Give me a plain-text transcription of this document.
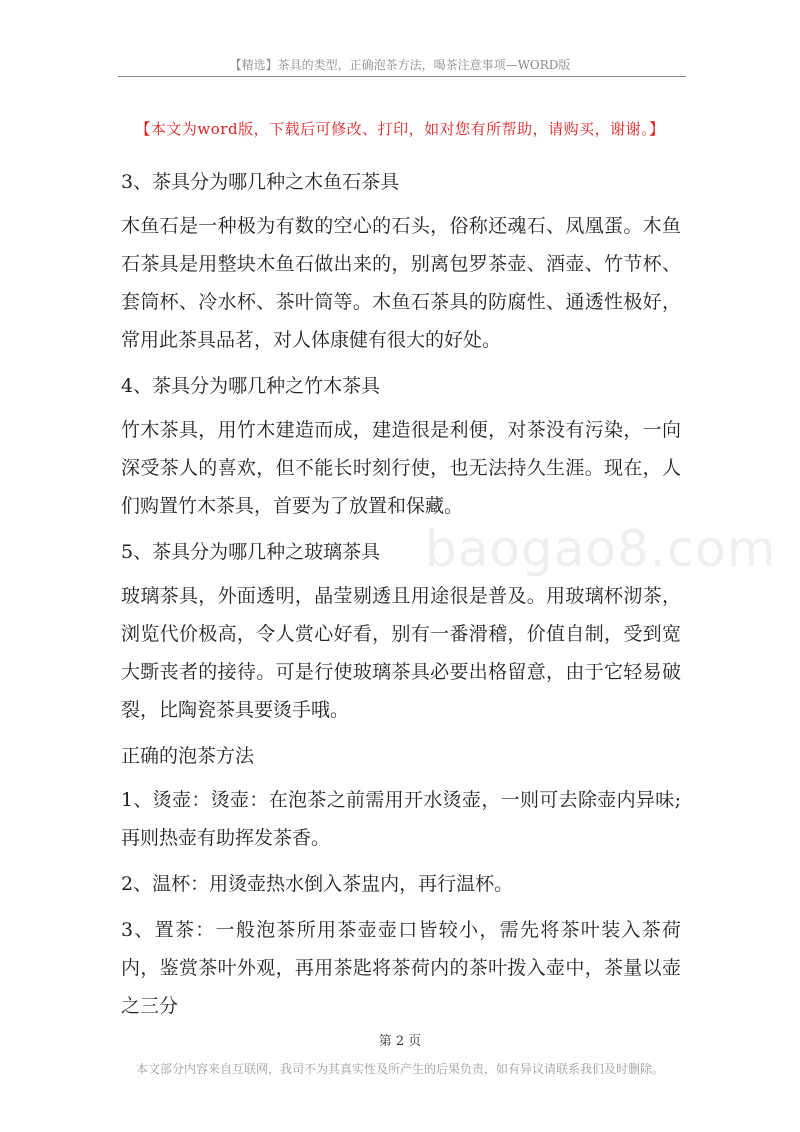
【精选】茶具的类型，正确泡茶方法，喝茶注意事项—WORD版
【本文为word版，下载后可修改、打印，如对您有所帮助，请购买，谢谢。】
baogao8.com

3、茶具分为哪几种之木鱼石茶具

木鱼石是一种极为有数的空心的石头，俗称还魂石、凤凰蛋。木鱼石茶具是用整块木鱼石做出来的，别离包罗茶壶、酒壶、竹节杯、套筒杯、冷水杯、茶叶筒等。木鱼石茶具的防腐性、通透性极好，常用此茶具品茗，对人体康健有很大的好处。

4、茶具分为哪几种之竹木茶具

竹木茶具，用竹木建造而成，建造很是利便，对茶没有污染，一向深受茶人的喜欢，但不能长时刻行使，也无法持久生涯。现在，人们购置竹木茶具，首要为了放置和保藏。

5、茶具分为哪几种之玻璃茶具

玻璃茶具，外面透明，晶莹剔透且用途很是普及。用玻璃杯沏茶，浏览代价极高，令人赏心好看，别有一番滑稽，价值自制，受到宽大斲丧者的接待。可是行使玻璃茶具必要出格留意，由于它轻易破裂，比陶瓷茶具要烫手哦。

正确的泡茶方法

1、烫壶：烫壶：在泡茶之前需用开水烫壶，一则可去除壶内异味;再则热壶有助挥发茶香。

2、温杯：用烫壶热水倒入茶盅内，再行温杯。

3、置茶：一般泡茶所用茶壶壶口皆较小，需先将茶叶装入茶荷内，鉴赏茶叶外观，再用茶匙将茶荷内的茶叶拨入壶中，茶量以壶之三分

第 2 页
本文部分内容来自互联网，我司不为其真实性及所产生的后果负责，如有异议请联系我们及时删除。
